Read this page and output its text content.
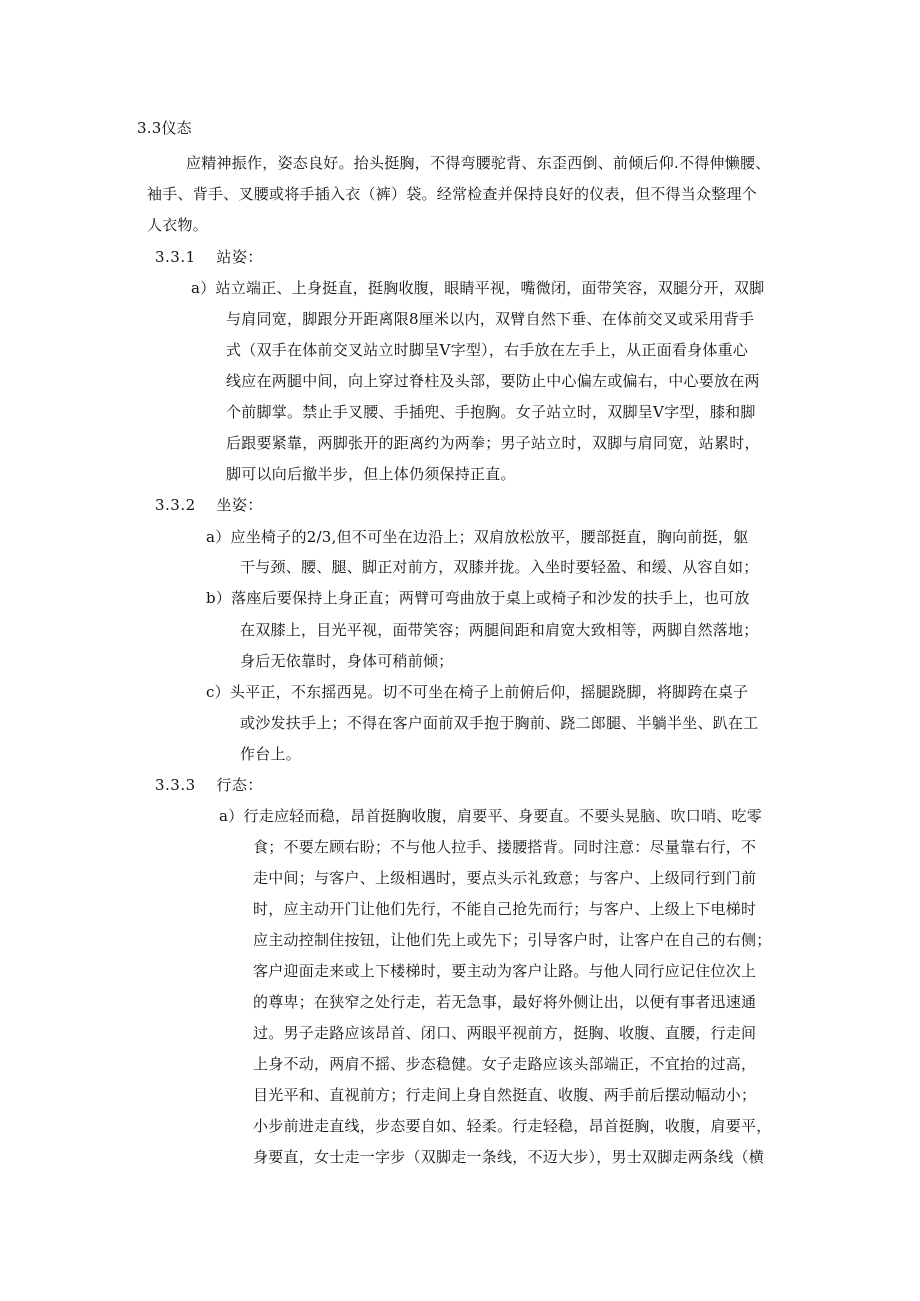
3.3仪态
应精神振作，姿态良好。抬头挺胸，不得弯腰驼背、东歪西倒、前倾后仰.不得伸懒腰、
袖手、背手、叉腰或将手插入衣（裤）袋。经常检查并保持良好的仪表，但不得当众整理个
人衣物。
3.3.1　 站姿：
a）站立端正、上身挺直，挺胸收腹，眼睛平视，嘴微闭，面带笑容，双腿分开，双脚
与肩同宽，脚跟分开距离限8厘米以内，双臂自然下垂、在体前交叉或采用背手
式（双手在体前交叉站立时脚呈V字型），右手放在左手上，从正面看身体重心
线应在两腿中间，向上穿过脊柱及头部，要防止中心偏左或偏右，中心要放在两
个前脚掌。禁止手叉腰、手插兜、手抱胸。女子站立时，双脚呈V字型，膝和脚
后跟要紧靠，两脚张开的距离约为两拳；男子站立时，双脚与肩同宽，站累时，
脚可以向后撤半步，但上体仍须保持正直。
3.3.2　 坐姿：
a）应坐椅子的2/3,但不可坐在边沿上；双肩放松放平，腰部挺直，胸向前挺，躯
干与颈、腰、腿、脚正对前方，双膝并拢。入坐时要轻盈、和缓、从容自如；
b）落座后要保持上身正直；两臂可弯曲放于桌上或椅子和沙发的扶手上，也可放
在双膝上，目光平视，面带笑容；两腿间距和肩宽大致相等，两脚自然落地；
身后无依靠时，身体可稍前倾；
c）头平正，不东摇西晃。切不可坐在椅子上前俯后仰，摇腿跷脚，将脚跨在桌子
或沙发扶手上；不得在客户面前双手抱于胸前、跷二郎腿、半躺半坐、趴在工
作台上。
3.3.3　 行态：
a）行走应轻而稳，昂首挺胸收腹，肩要平、身要直。不要头晃脑、吹口哨、吃零
食；不要左顾右盼；不与他人拉手、搂腰搭背。同时注意：尽量靠右行，不
走中间；与客户、上级相遇时，要点头示礼致意；与客户、上级同行到门前
时，应主动开门让他们先行，不能自己抢先而行；与客户、上级上下电梯时
应主动控制住按钮，让他们先上或先下；引导客户时，让客户在自己的右侧；
客户迎面走来或上下楼梯时，要主动为客户让路。与他人同行应记住位次上
的尊卑；在狭窄之处行走，若无急事，最好将外侧让出，以便有事者迅速通
过。男子走路应该昂首、闭口、两眼平视前方，挺胸、收腹、直腰，行走间
上身不动，两肩不摇、步态稳健。女子走路应该头部端正，不宜抬的过高，
目光平和、直视前方；行走间上身自然挺直、收腹、两手前后摆动幅动小；
小步前进走直线，步态要自如、轻柔。行走轻稳，昂首挺胸，收腹，肩要平，
身要直，女士走一字步（双脚走一条线，不迈大步），男士双脚走两条线（横
